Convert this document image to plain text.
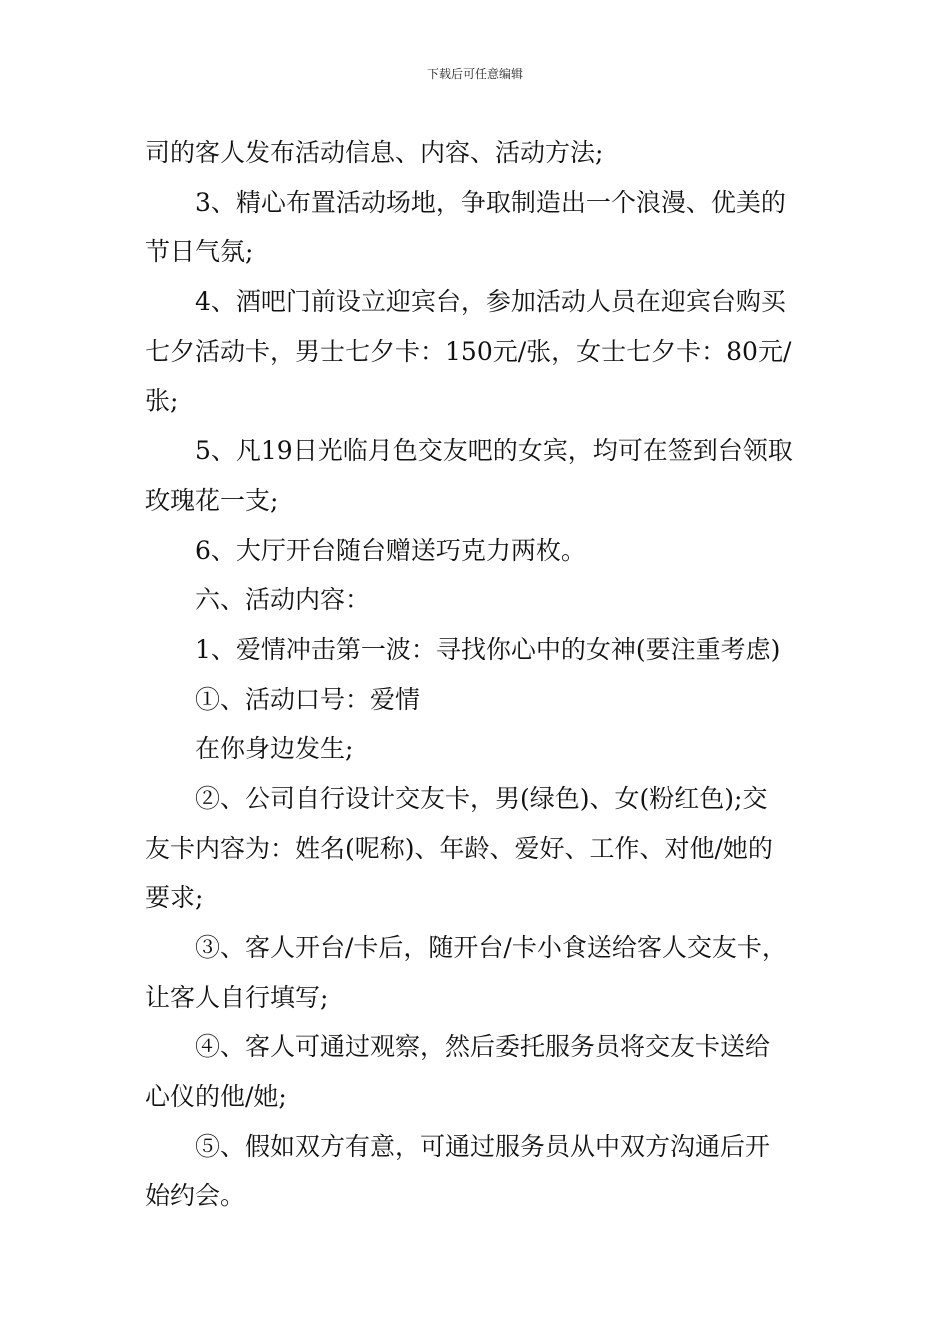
下载后可任意编辑
司的客人发布活动信息、内容、活动方法;
3、精心布置活动场地，争取制造出一个浪漫、优美的
节日气氛;
4、酒吧门前设立迎宾台，参加活动人员在迎宾台购买
七夕活动卡，男士七夕卡：150元/张，女士七夕卡：80元/
张;
5、凡19日光临月色交友吧的女宾，均可在签到台领取
玫瑰花一支;
6、大厅开台随台赠送巧克力两枚。
六、活动内容：
1、爱情冲击第一波：寻找你心中的女神(要注重考虑)
①、活动口号：爱情
在你身边发生;
②、公司自行设计交友卡，男(绿色)、女(粉红色);交
友卡内容为：姓名(呢称)、年龄、爱好、工作、对他/她的
要求;
③、客人开台/卡后，随开台/卡小食送给客人交友卡，
让客人自行填写;
④、客人可通过观察，然后委托服务员将交友卡送给
心仪的他/她;
⑤、假如双方有意，可通过服务员从中双方沟通后开
始约会。
